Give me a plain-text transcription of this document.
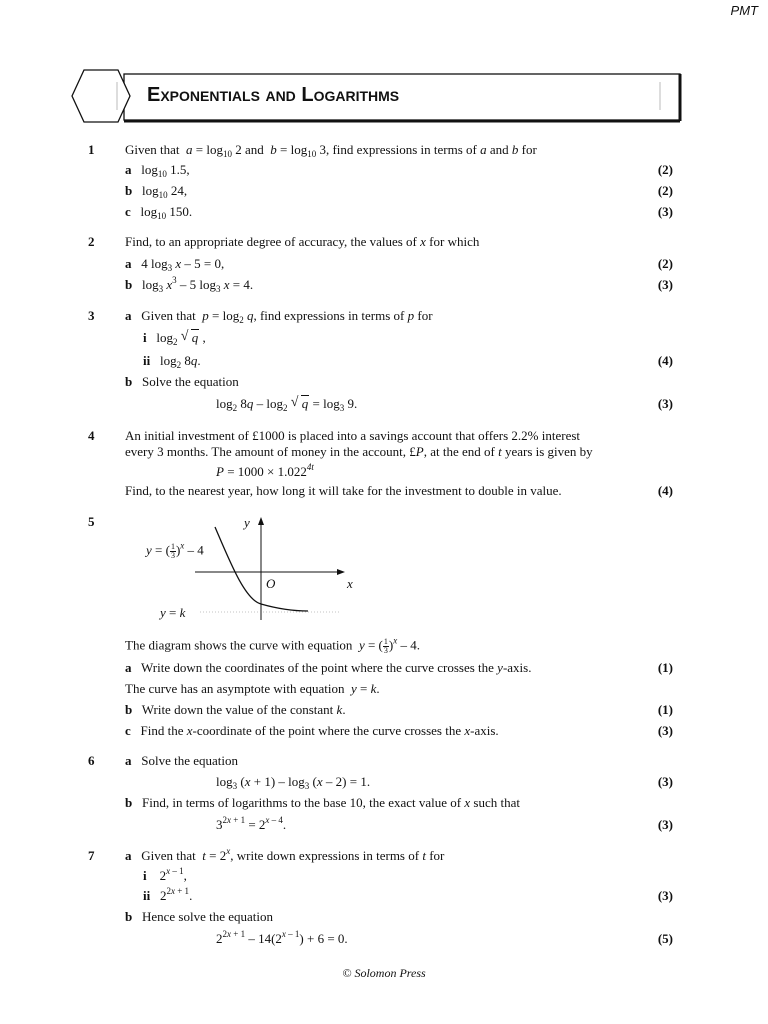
PMT
Exponentials and Logarithms
1 Given that $a = \log_{10} 2$ and $b = \log_{10} 3$, find expressions in terms of a and b for
a $\log_{10} 1.5$,	(2)
b $\log_{10} 24$,	(2)
c $\log_{10} 150$.	(3)
2 Find, to an appropriate degree of accuracy, the values of x for which
a   4 $\log_3 x - 5 = 0$,	(2)
b   $\log_3 x^3 - 5$ $\log_3 x = 4$.	(3)
3 a Given that $p = \log_2 q$, find expressions in terms of p for
i   $\log_2$ √ q ,
ii   $\log_2 8q$.	(4)
b Solve the equation
$\log_2 8q - \log_2$ √ $q = \log_3 9$.	(3)
4 An initial investment of £1000 is placed into a savings account that offers 2.2% interest
every 3 months. The amount of money in the account, £P, at the end of t years is given by
$P = 1000 \times 1.022^{4t}$
Find, to the nearest year, how long it will take for the investment to double in value.	(4)
5	y
x
O
y = ( $\frac{1}{3} )^x - 4$
y = k
The diagram shows the curve with equation y = ( $\frac{1}{3} )^x - 4$.
a Write down the coordinates of the point where the curve crosses the y-axis.	(1)
The curve has an asymptote with equation y = k.
b Write down the value of the constant k.	(1)
c Find the x-coordinate of the point where the curve crosses the x-axis.	(3)
6 a Solve the equation
$\log_3 (x + 1) - \log_3 (x - 2) = 1$.	(3)
b Find, in terms of logarithms to the base 10, the exact value of x such that
$3^{2x + 1} = 2^{x - 4}$.	(3)
7 a Given that $t = 2^x$, write down expressions in terms of t for
i    2$^{x - 1}$,
ii   $2^{2x + 1}$.	(3)
b Hence solve the equation
$2^{2x + 1} - 14(2^{x - 1}) + 6 = 0$.	(5)
© Solomon Press
